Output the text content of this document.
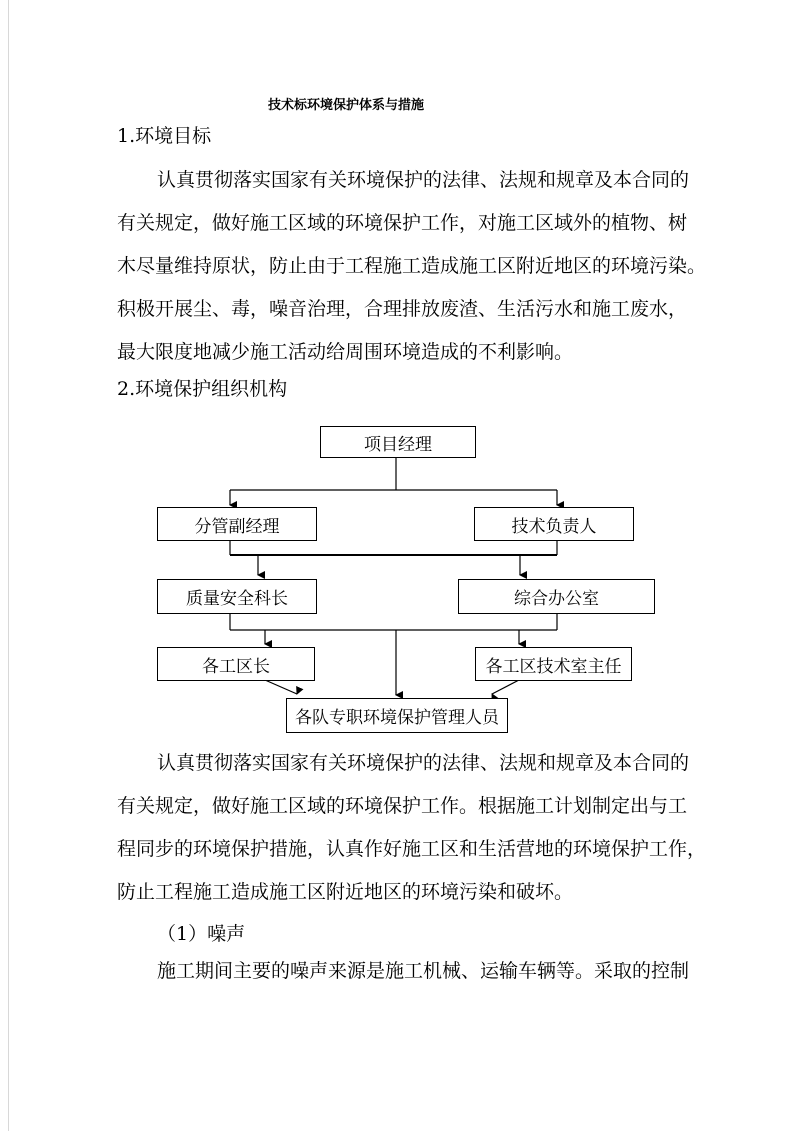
技术标环境保护体系与措施
1.环境目标
认真贯彻落实国家有关环境保护的法律、法规和规章及本合同的
有关规定，做好施工区域的环境保护工作，对施工区域外的植物、树
木尽量维持原状，防止由于工程施工造成施工区附近地区的环境污染。
积极开展尘、毒，噪音治理，合理排放废渣、生活污水和施工废水，
最大限度地减少施工活动给周围环境造成的不利影响。
2.环境保护组织机构
项目经理
分管副经理	技术负责人
质量安全科长	综合办公室
各工区长	各工区技术室主任
各队专职环境保护管理人员
认真贯彻落实国家有关环境保护的法律、法规和规章及本合同的
有关规定，做好施工区域的环境保护工作。根据施工计划制定出与工
程同步的环境保护措施，认真作好施工区和生活营地的环境保护工作，
防止工程施工造成施工区附近地区的环境污染和破坏。
（1）噪声
施工期间主要的噪声来源是施工机械、运输车辆等。采取的控制
